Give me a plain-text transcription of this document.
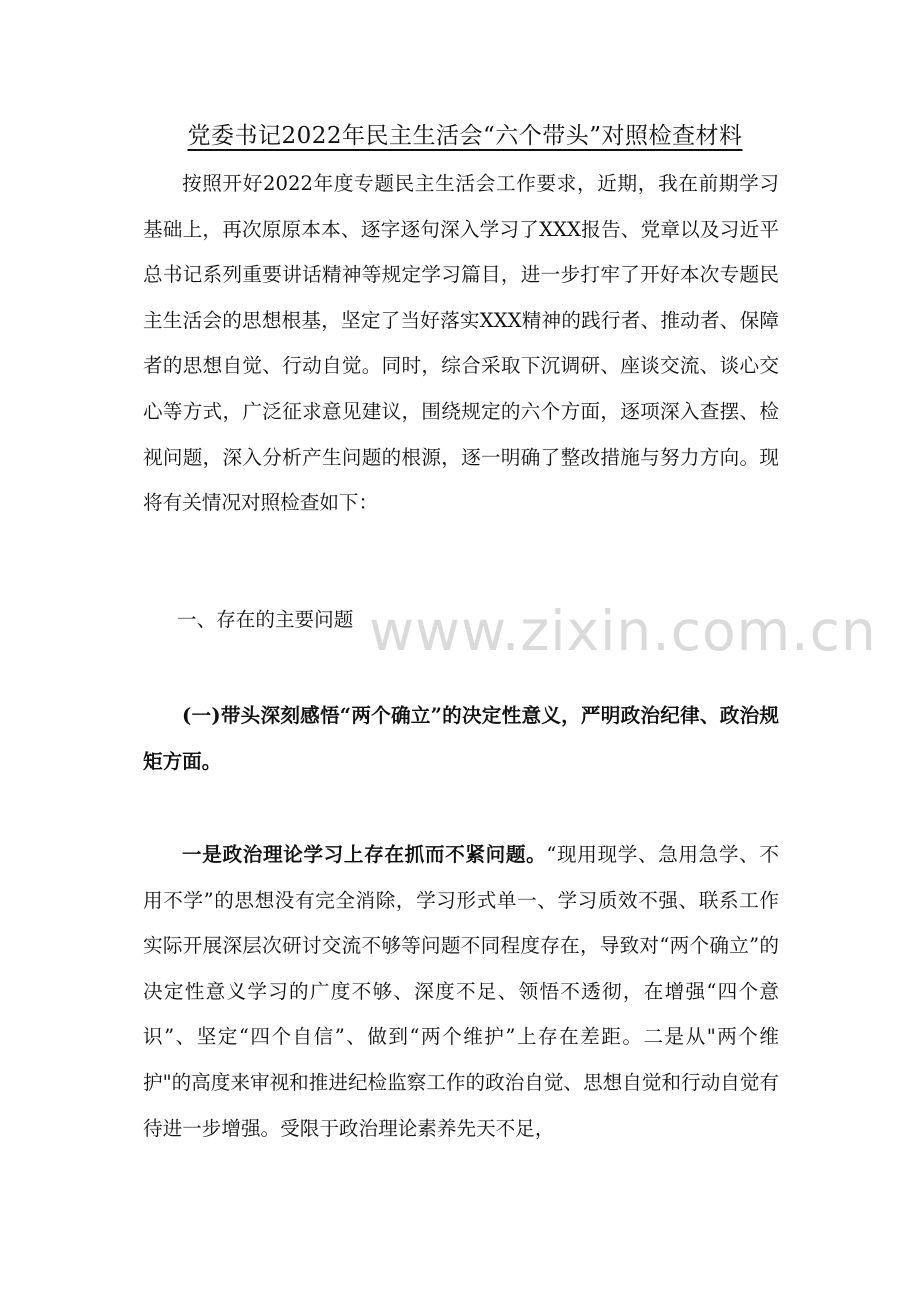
党委书记2022年民主生活会“六个带头”对照检查材料

按照开好2022年度专题民主生活会工作要求，近期，我在前期学习基础上，再次原原本本、逐字逐句深入学习了XXX报告、党章以及习近平总书记系列重要讲话精神等规定学习篇目，进一步打牢了开好本次专题民主生活会的思想根基，坚定了当好落实XXX精神的践行者、推动者、保障者的思想自觉、行动自觉。同时，综合采取下沉调研、座谈交流、谈心交心等方式，广泛征求意见建议，围绕规定的六个方面，逐项深入查摆、检视问题，深入分析产生问题的根源，逐一明确了整改措施与努力方向。现将有关情况对照检查如下：

一、存在的主要问题

(一)带头深刻感悟“两个确立”的决定性意义，严明政治纪律、政治规矩方面。

一是政治理论学习上存在抓而不紧问题。“现用现学、急用急学、不用不学”的思想没有完全消除，学习形式单一、学习质效不强、联系工作实际开展深层次研讨交流不够等问题不同程度存在，导致对“两个确立”的决定性意义学习的广度不够、深度不足、领悟不透彻，在增强“四个意识”、坚定“四个自信”、做到“两个维护”上存在差距。二是从"两个维护"的高度来审视和推进纪检监察工作的政治自觉、思想自觉和行动自觉有待进一步增强。受限于政治理论素养先天不足，

www.zixin.com.cn
